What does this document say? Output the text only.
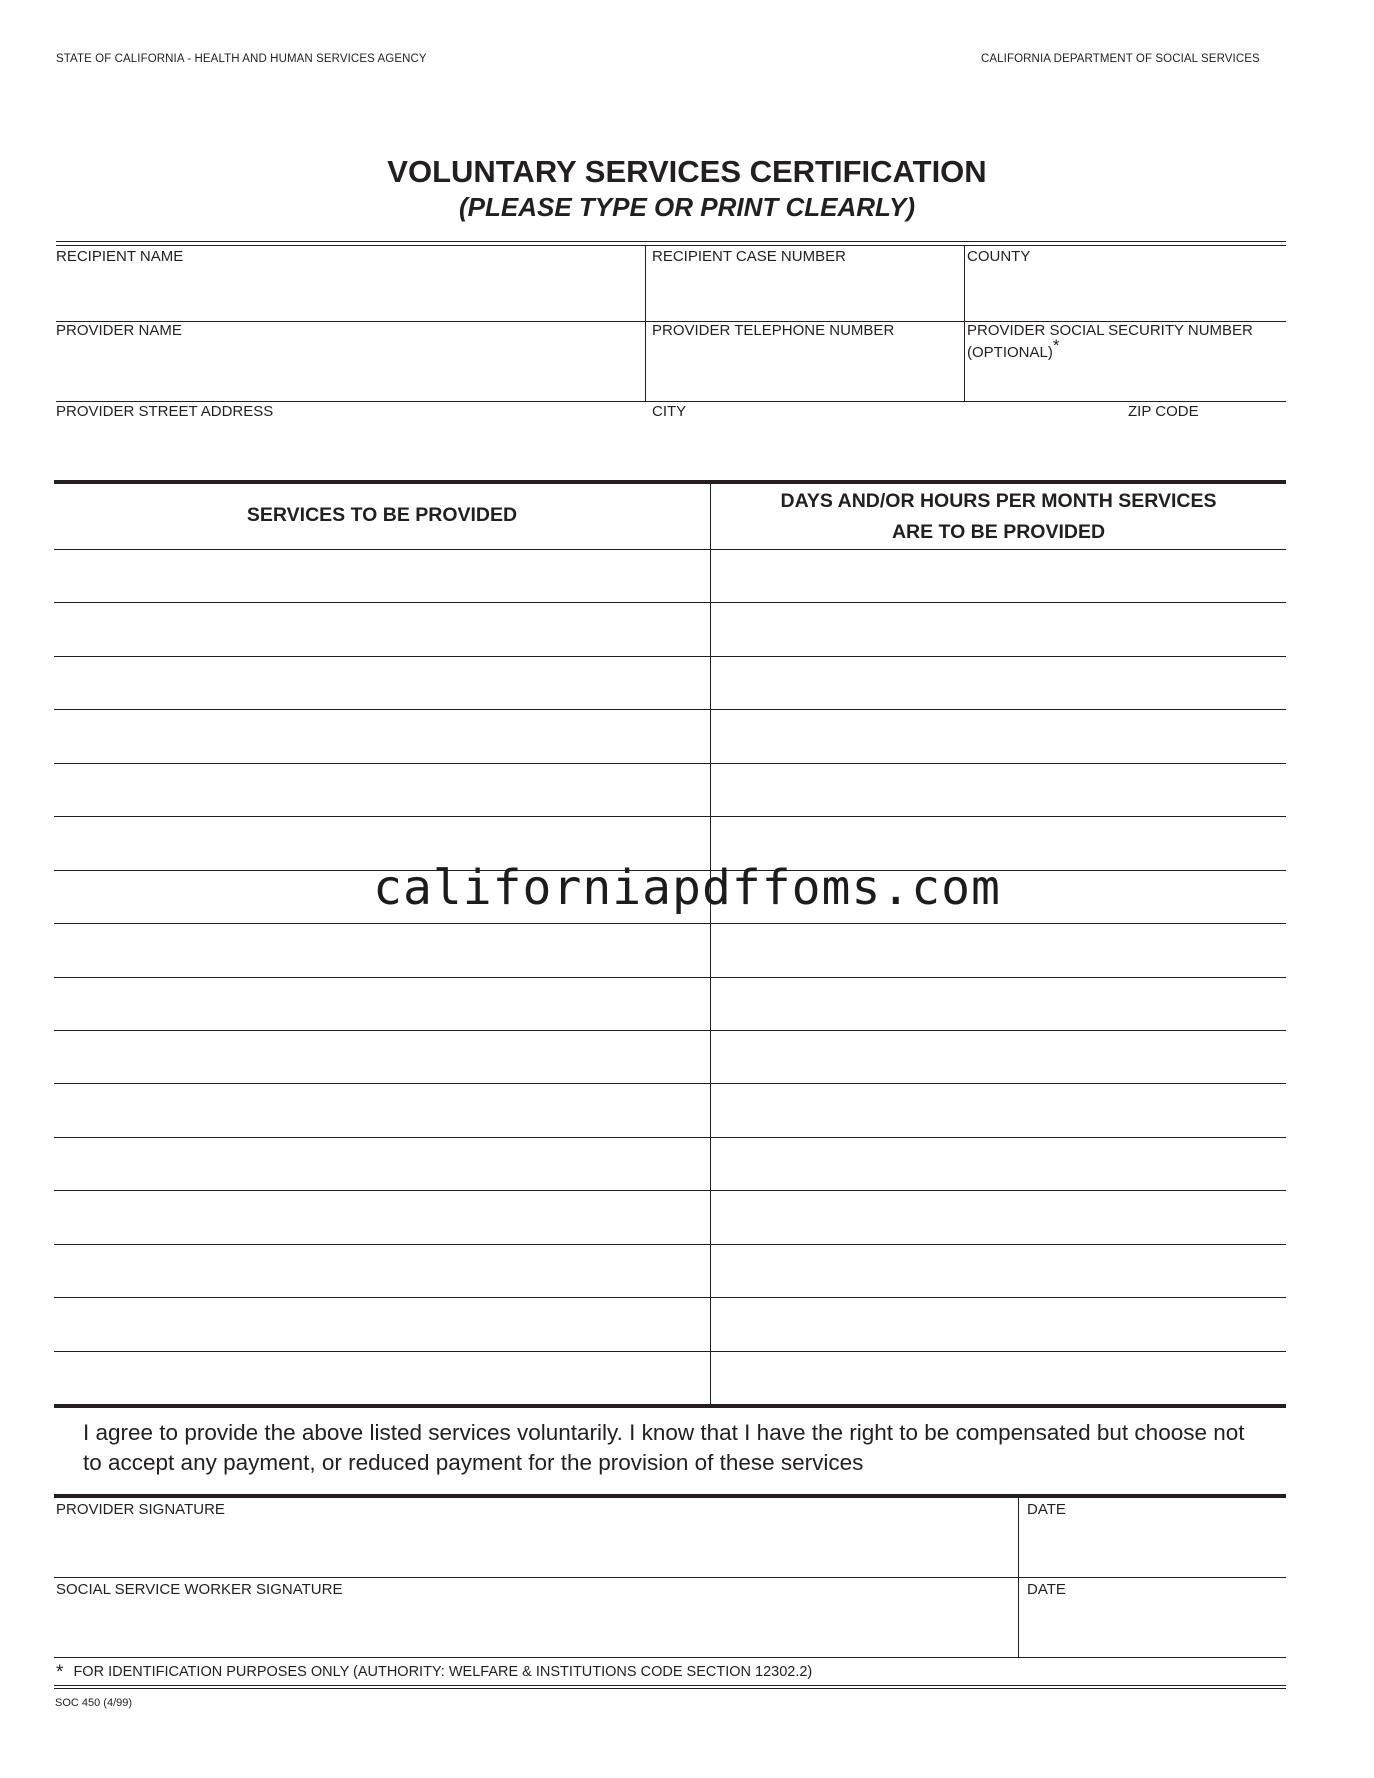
STATE OF CALIFORNIA - HEALTH AND HUMAN SERVICES AGENCY	CALIFORNIA DEPARTMENT OF SOCIAL SERVICES
VOLUNTARY SERVICES CERTIFICATION
(PLEASE TYPE OR PRINT CLEARLY)
RECIPIENT NAME	RECIPIENT CASE NUMBER	COUNTY
PROVIDER NAME	PROVIDER TELEPHONE NUMBER	PROVIDER SOCIAL SECURITY NUMBER
(OPTIONAL)*
PROVIDER STREET ADDRESS	CITY	ZIP CODE
SERVICES TO BE PROVIDED
DAYS AND/OR HOURS PER MONTH SERVICES
ARE TO BE PROVIDED
californiapdffoms.com
I agree to provide the above listed services voluntarily. I know that I have the right to be compensated but choose not
to accept any payment, or reduced payment for the provision of these services
PROVIDER SIGNATURE	DATE
SOCIAL SERVICE WORKER SIGNATURE	DATE
* FOR IDENTIFICATION PURPOSES ONLY (AUTHORITY: WELFARE & INSTITUTIONS CODE SECTION 12302.2)
SOC 450 (4/99)
